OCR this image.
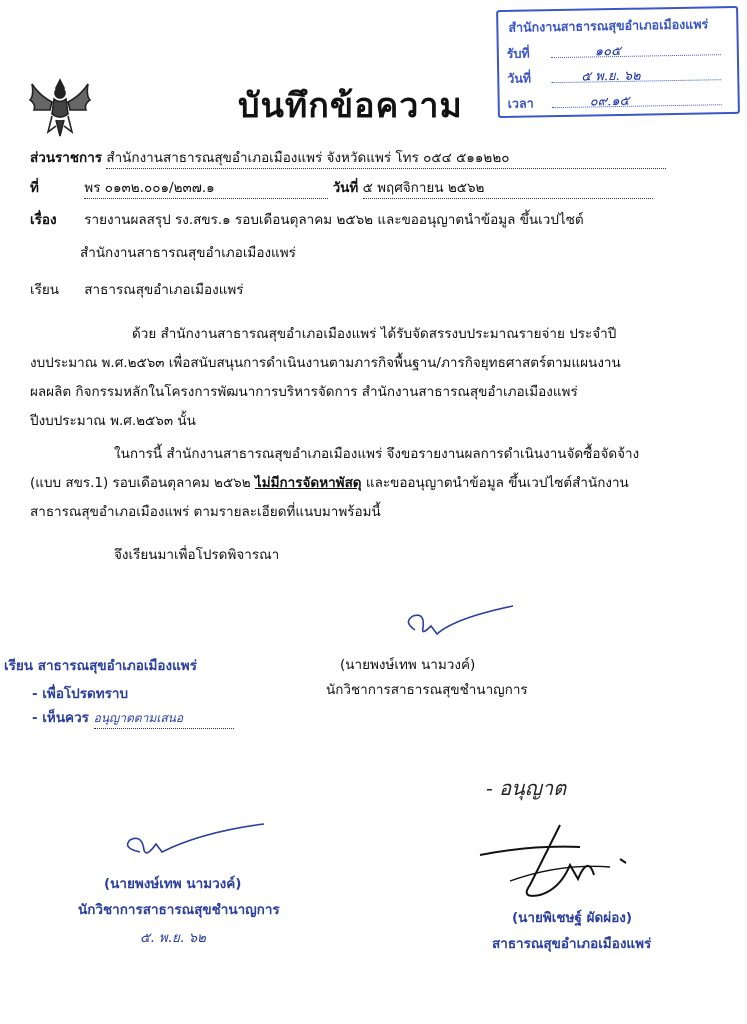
สำนักงานสาธารณสุขอำเภอเมืองแพร่
รับที่	๑๐๕
วันที่	๕ พ.ย. ๖๒
เวลา	๐๙.๑๕
บันทึกข้อความ
ส่วนราชการ สำนักงานสาธารณสุขอำเภอเมืองแพร่ จังหวัดแพร่ โทร ๐๕๔ ๕๑๑๒๒๐
ที่	พร ๐๑๓๒.๐๐๑/๒๓๗.๑	วันที่ ๕ พฤศจิกายน ๒๕๖๒
เรื่อง รายงานผลสรุป รง.สขร.๑ รอบเดือนตุลาคม ๒๕๖๒ และขออนุญาตนำข้อมูล ขึ้นเวปไซต์
สำนักงานสาธารณสุขอำเภอเมืองแพร่
เรียน สาธารณสุขอำเภอเมืองแพร่
ด้วย สำนักงานสาธารณสุขอำเภอเมืองแพร่ ได้รับจัดสรรงบประมาณรายจ่าย ประจำปี
งบประมาณ พ.ศ.๒๕๖๓ เพื่อสนับสนุนการดำเนินงานตามภารกิจพื้นฐาน/ภารกิจยุทธศาสตร์ตามแผนงาน
ผลผลิต กิจกรรมหลักในโครงการพัฒนาการบริหารจัดการ สำนักงานสาธารณสุขอำเภอเมืองแพร่
ปีงบประมาณ พ.ศ.๒๕๖๓ นั้น
ในการนี้ สำนักงานสาธารณสุขอำเภอเมืองแพร่ จึงขอรายงานผลการดำเนินงานจัดซื้อจัดจ้าง
(แบบ สขร.1) รอบเดือนตุลาคม ๒๕๖๒ ไม่มีการจัดหาพัสดุ และขออนุญาตนำข้อมูล ขึ้นเวปไซต์สำนักงาน
สาธารณสุขอำเภอเมืองแพร่ ตามรายละเอียดที่แนบมาพร้อมนี้
จึงเรียนมาเพื่อโปรดพิจารณา
(นายพงษ์เทพ นามวงค์)
นักวิชาการสาธารณสุขชำนาญการ
เรียน สาธารณสุขอำเภอเมืองแพร่
- เพื่อโปรดทราบ
- เห็นควร อนุญาตตามเสนอ
(นายพงษ์เทพ นามวงค์)
นักวิชาการสาธารณสุขชำนาญการ
๕. พ.ย. ๖๒
- อนุญาต
(นายพิเชษฐ์ ผัดผ่อง)
สาธารณสุขอำเภอเมืองแพร่
